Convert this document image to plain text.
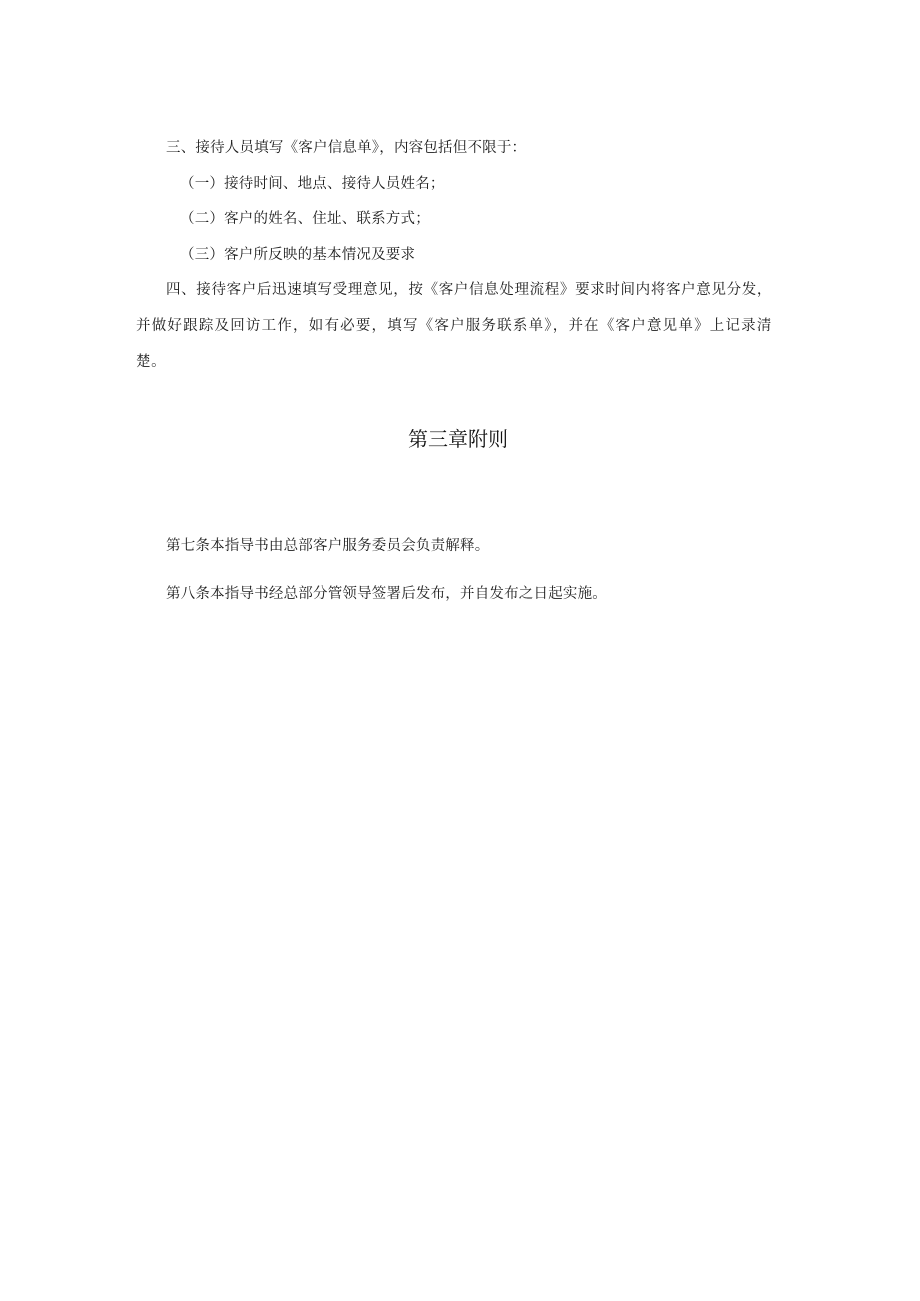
三、接待人员填写《客户信息单》，内容包括但不限于：
（一）接待时间、地点、接待人员姓名；
（二）客户的姓名、住址、联系方式；
（三）客户所反映的基本情况及要求
四、接待客户后迅速填写受理意见，按《客户信息处理流程》要求时间内将客户意见分发，并做好跟踪及回访工作，如有必要，填写《客户服务联系单》，并在《客户意见单》上记录清楚。
第三章附则
第七条本指导书由总部客户服务委员会负责解释。
第八条本指导书经总部分管领导签署后发布，并自发布之日起实施。
